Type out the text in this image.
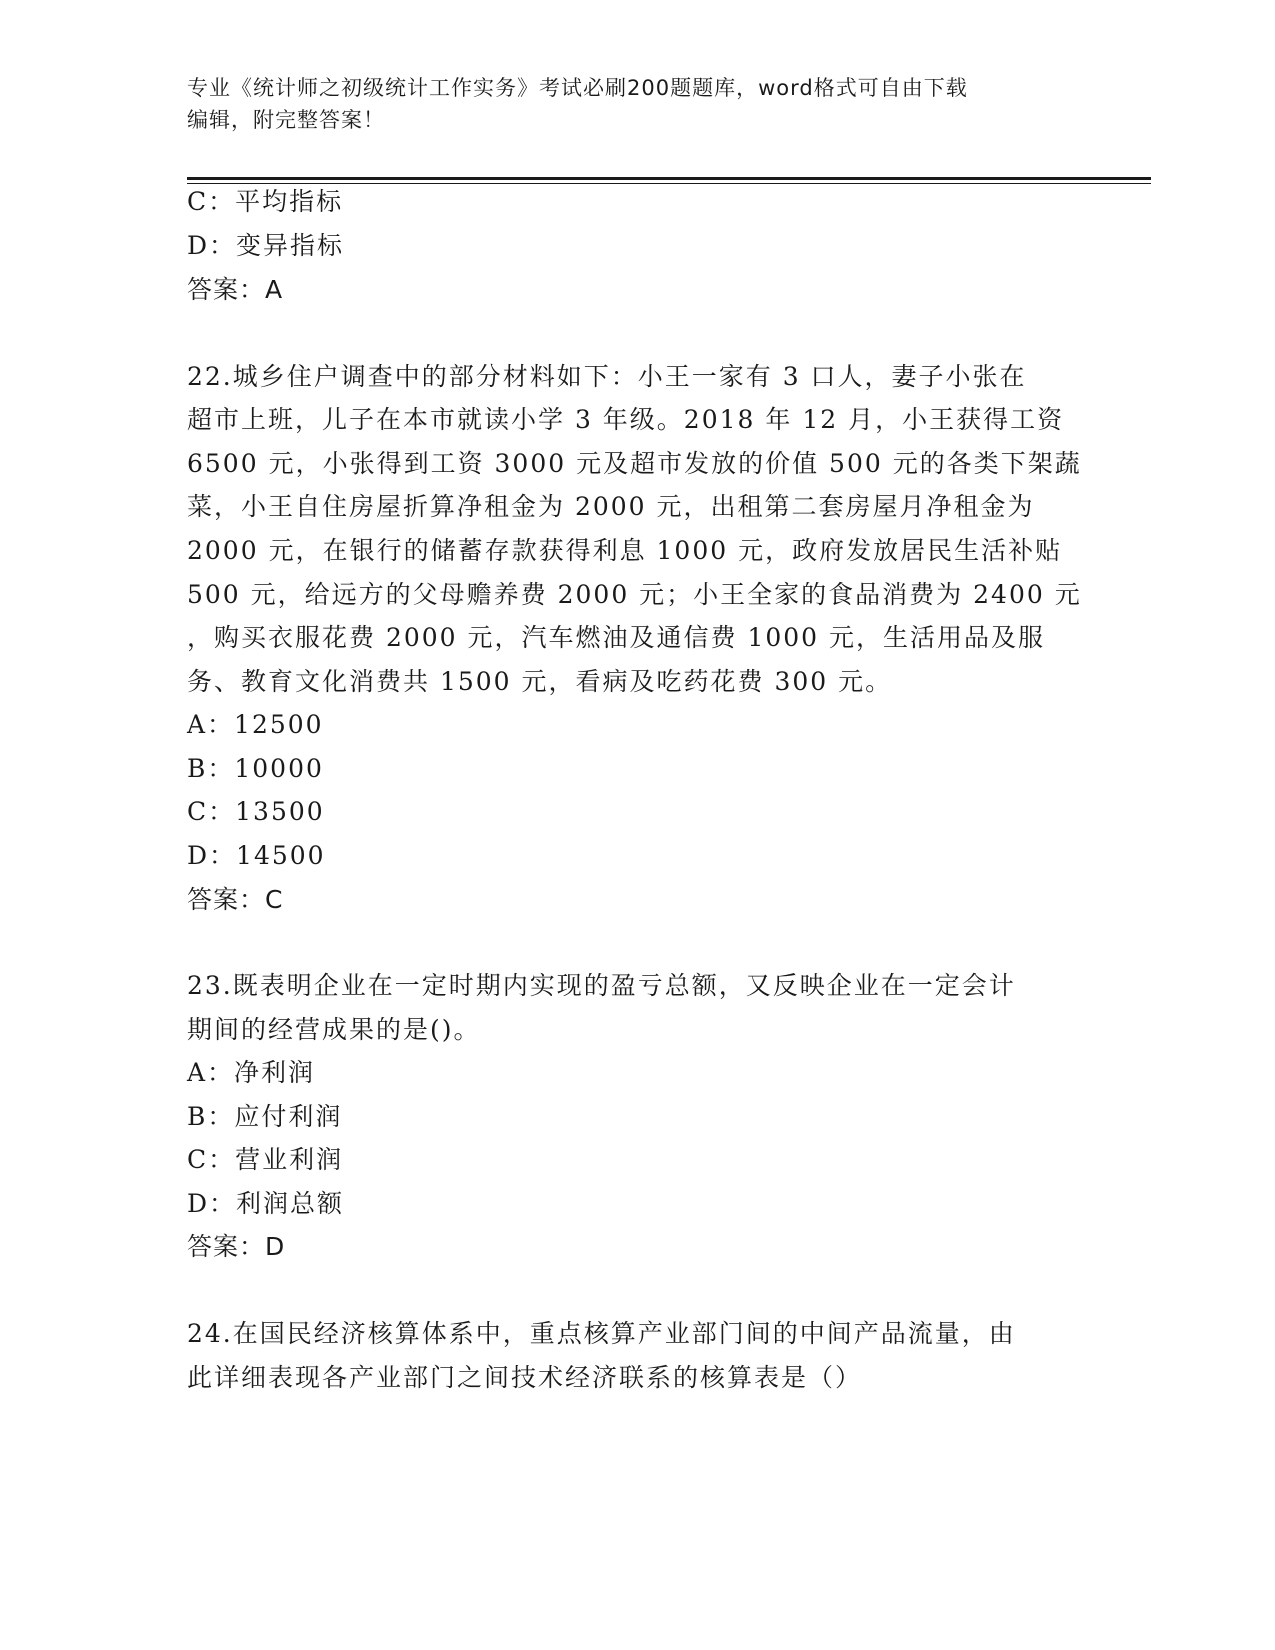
专业《统计师之初级统计工作实务》考试必刷200题题库，word格式可自由下载
编辑，附完整答案！
C：平均指标
D：变异指标
答案：A
22.城乡住户调查中的部分材料如下：小王一家有 3 口人，妻子小张在
超市上班，儿子在本市就读小学 3 年级。2018 年 12 月，小王获得工资
6500 元，小张得到工资 3000 元及超市发放的价值 500 元的各类下架蔬
菜，小王自住房屋折算净租金为 2000 元，出租第二套房屋月净租金为
2000 元，在银行的储蓄存款获得利息 1000 元，政府发放居民生活补贴
500 元，给远方的父母赡养费 2000 元；小王全家的食品消费为 2400 元
，购买衣服花费 2000 元，汽车燃油及通信费 1000 元，生活用品及服
务、教育文化消费共 1500 元，看病及吃药花费 300 元。
A：12500
B：10000
C：13500
D：14500
答案：C
23.既表明企业在一定时期内实现的盈亏总额，又反映企业在一定会计
期间的经营成果的是()。
A：净利润
B：应付利润
C：营业利润
D：利润总额
答案：D
24.在国民经济核算体系中，重点核算产业部门间的中间产品流量，由
此详细表现各产业部门之间技术经济联系的核算表是（）
